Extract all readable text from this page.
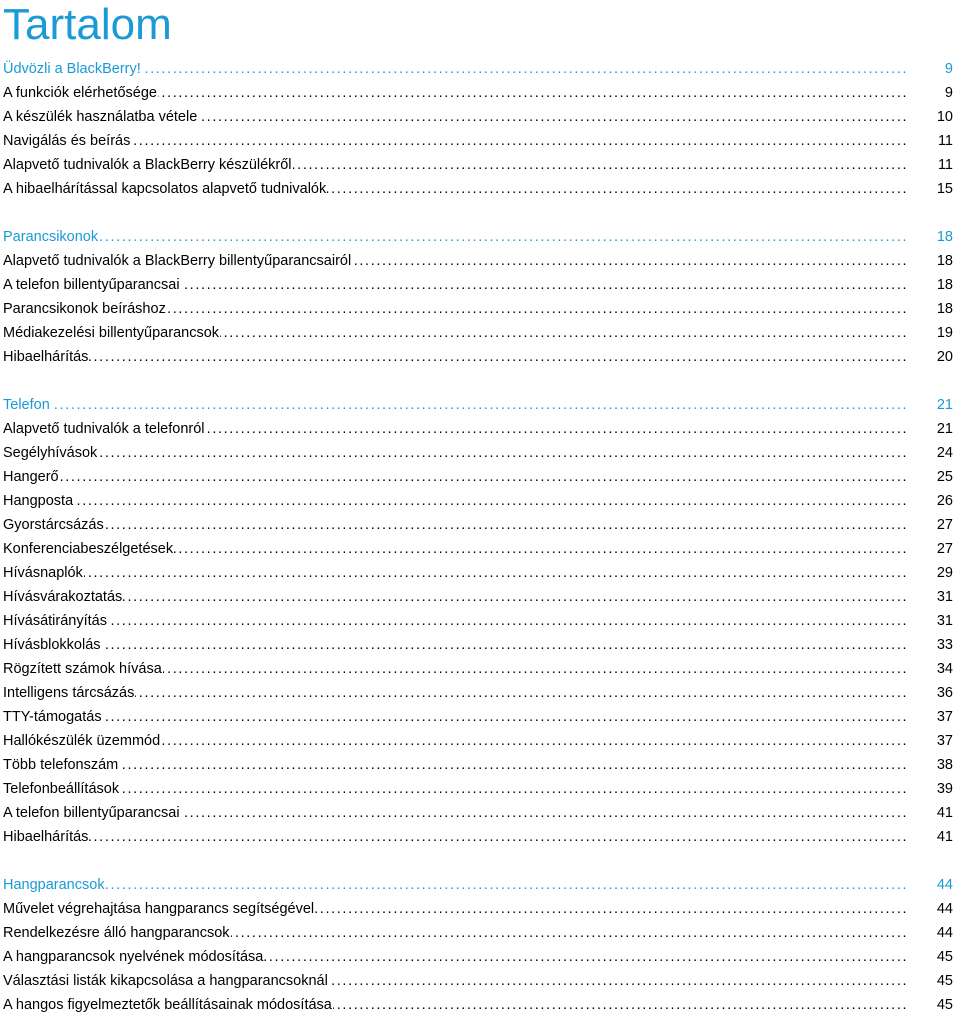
Tartalom
. . .
Üdvözli a BlackBerry!	9
. . .
A funkciók elérhetősége	9
. . .
A készülék használatba vétele	10
. . .
Navigálás és beírás	11
. . .
Alapvető tudnivalók a BlackBerry készülékről	11
. . .
A hibaelhárítással kapcsolatos alapvető tudnivalók	15
. . .
Parancsikonok	18
. . .
Alapvető tudnivalók a BlackBerry billentyűparancsairól	18
. . .
A telefon billentyűparancsai	18
. . .
Parancsikonok beíráshoz	18
. . .
Médiakezelési billentyűparancsok	19
. . .
Hibaelhárítás	20
. . .
Telefon	21
. . .
Alapvető tudnivalók a telefonról	21
. . .
Segélyhívások	24
. . .
Hangerő	25
. . .
Hangposta	26
. . .
Gyorstárcsázás	27
. . .
Konferenciabeszélgetések	27
. . .
Hívásnaplók	29
. . .
Hívásvárakoztatás	31
. . .
Hívásátirányítás	31
. . .
Hívásblokkolás	33
. . .
Rögzített számok hívása	34
. . .
Intelligens tárcsázás	36
. . .
TTY-támogatás	37
. . .
Hallókészülék üzemmód	37
. . .
Több telefonszám	38
. . .
Telefonbeállítások	39
. . .
A telefon billentyűparancsai	41
. . .
Hibaelhárítás	41
. . .
Hangparancsok	44
. . .
Művelet végrehajtása hangparancs segítségével	44
. . .
Rendelkezésre álló hangparancsok	44
. . .
A hangparancsok nyelvének módosítása	45
. . .
Választási listák kikapcsolása a hangparancsoknál	45
. . .
A hangos figyelmeztetők beállításainak módosítása	45
